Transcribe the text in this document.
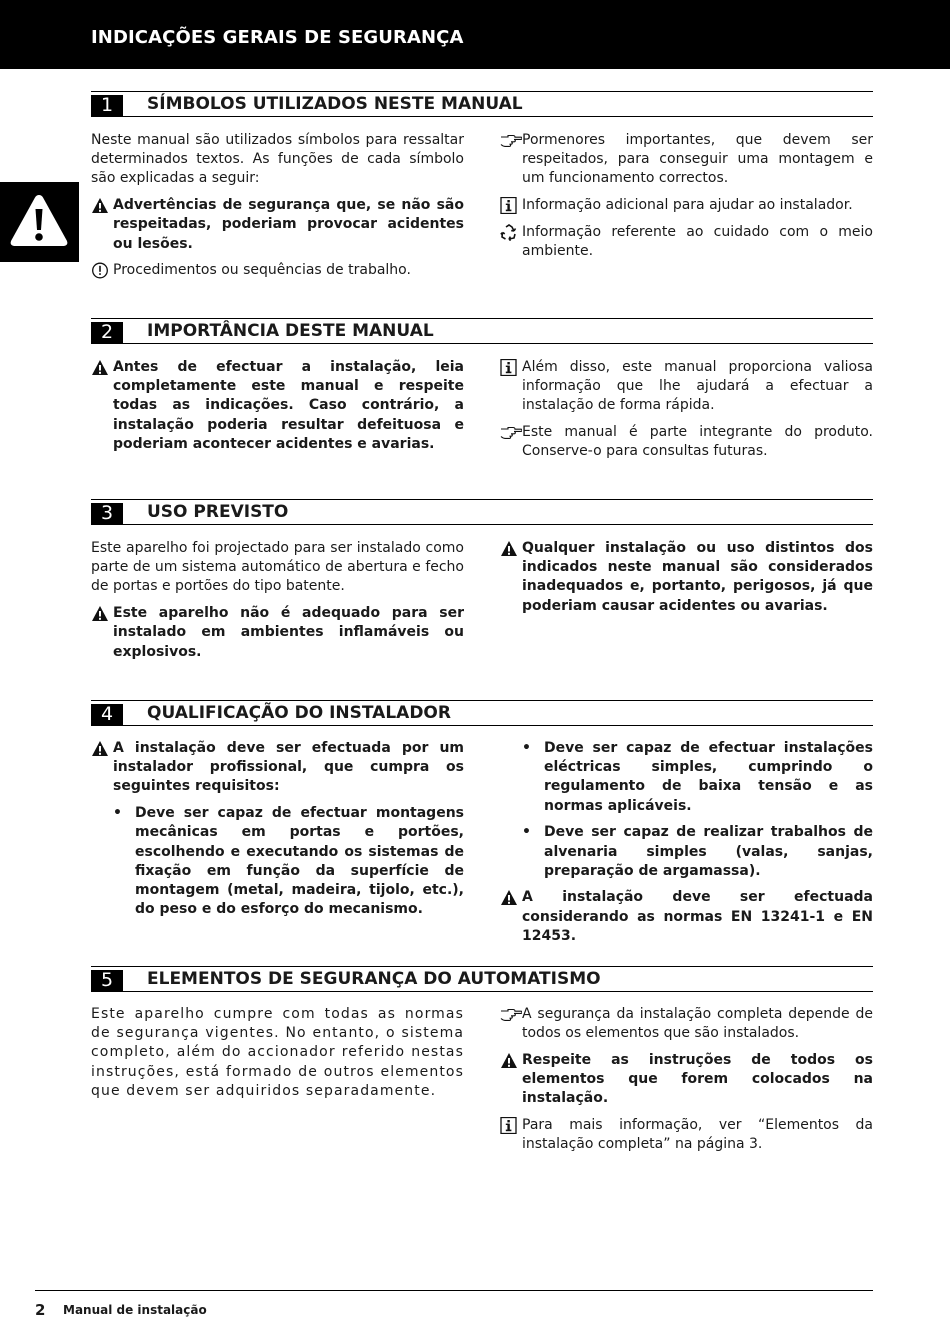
INDICAÇÕES GERAIS DE SEGURANÇA
1	SÍMBOLOS UTILIZADOS NESTE MANUAL

Neste manual são utilizados símbolos para ressaltar determinados textos. As funções de cada símbolo são explicadas a seguir:

Advertências de segurança que, se não são respeitadas, poderiam provocar acidentes ou lesões.
Procedimentos ou sequências de trabalho.
Pormenores importantes, que devem ser respeitados, para conseguir uma montagem e um funcionamento correctos.
Informação adicional para ajudar ao instalador.
Informação referente ao cuidado com o meio ambiente.
2	IMPORTÂNCIA DESTE MANUAL
Antes de efectuar a instalação, leia completamente este manual e respeite todas as indicações. Caso contrário, a instalação poderia resultar defeituosa e poderiam acontecer acidentes e avarias.
Além disso, este manual proporciona valiosa informação que lhe ajudará a efectuar a instalação de forma rápida.
Este manual é parte integrante do produto. Conserve-o para consultas futuras.
3	USO PREVISTO

Este aparelho foi projectado para ser instalado como parte de um sistema automático de abertura e fecho de portas e portões do tipo batente.

Este aparelho não é adequado para ser instalado em ambientes inflamáveis ou explosivos.
Qualquer instalação ou uso distintos dos indicados neste manual são considerados inadequados e, portanto, perigosos, já que poderiam causar acidentes ou avarias.
4	QUALIFICAÇÃO DO INSTALADOR
A instalação deve ser efectuada por um instalador profissional, que cumpra os seguintes requisitos:
• Deve ser capaz de efectuar montagens mecânicas em portas e portões, escolhendo e executando os sistemas de fixação em função da superfície de montagem (metal, madeira, tijolo, etc.), do peso e do esforço do mecanismo.
• Deve ser capaz de efectuar instalações eléctricas simples, cumprindo o regulamento de baixa tensão e as normas aplicáveis.
• Deve ser capaz de realizar trabalhos de alvenaria simples (valas, sanjas, preparação de argamassa).
A instalação deve ser efectuada considerando as normas EN 13241-1 e EN 12453.
5	ELEMENTOS DE SEGURANÇA DO AUTOMATISMO

Este aparelho cumpre com todas as normas de segurança vigentes. No entanto, o sistema completo, além do accionador referido nestas instruções, está formado de outros elementos que devem ser adquiridos separadamente.

A segurança da instalação completa depende de todos os elementos que são instalados.
Respeite as instruções de todos os elementos que forem colocados na instalação.
Para mais informação, ver “Elementos da instalação completa” na página 3.
2 Manual de instalação
